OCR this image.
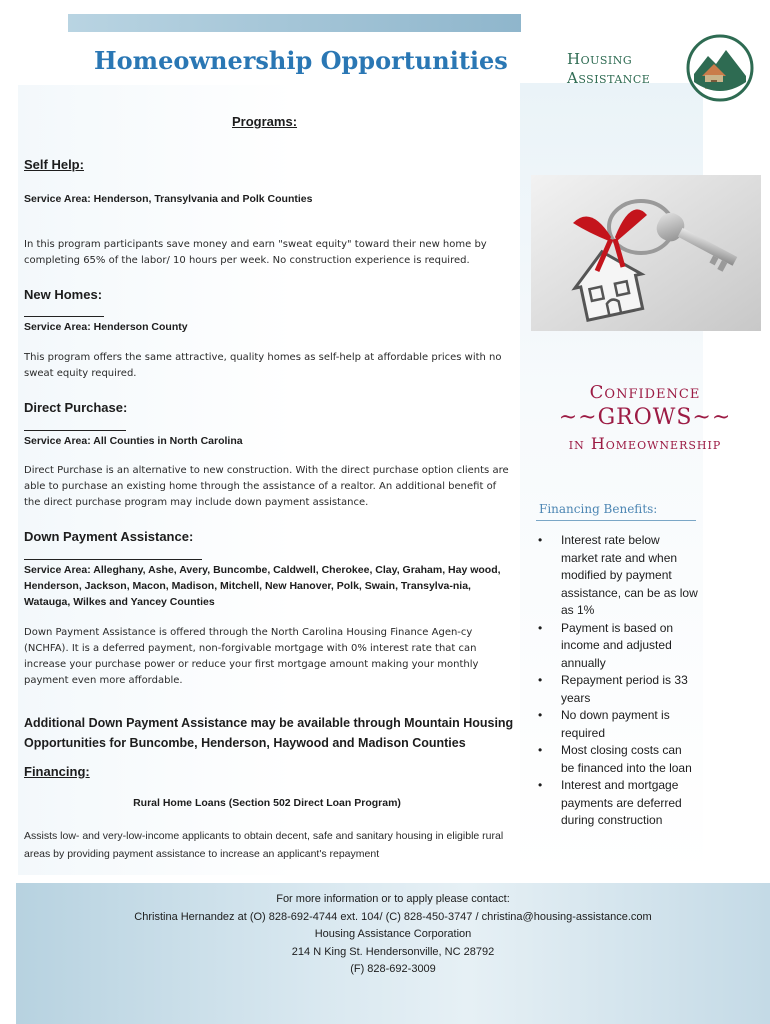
Homeownership Opportunities	Housing
Assistance
Programs:
Self Help:
Service Area: Henderson, Transylvania and Polk Counties
In this program participants save money and earn "sweat equity" toward their new home by completing 65% of the labor/ 10 hours per week. No construction experience is required.
New Homes:
Service Area: Henderson County
This program offers the same attractive, quality homes as self-help at affordable prices with no sweat equity required.
Direct Purchase:
Service Area: All Counties in North Carolina
Direct Purchase is an alternative to new construction. With the direct purchase option clients are able to purchase an existing home through the assistance of a realtor. An additional benefit of the direct purchase program may include down payment assistance.
Down Payment Assistance:
Service Area: Alleghany, Ashe, Avery, Buncombe, Caldwell, Cherokee, Clay, Graham, Hay wood, Henderson, Jackson, Macon, Madison, Mitchell, New Hanover, Polk, Swain, Transylva-nia, Watauga, Wilkes and Yancey Counties
Down Payment Assistance is offered through the North Carolina Housing Finance Agen-cy (NCHFA). It is a deferred payment, non-forgivable mortgage with 0% interest rate that can increase your purchase power or reduce your first mortgage amount making your monthly payment even more affordable.
Additional Down Payment Assistance may be available through Mountain Housing Opportunities for Buncombe, Henderson, Haywood and Madison Counties
Financing:
Rural Home Loans (Section 502 Direct Loan Program)
Assists low- and very-low-income applicants to obtain decent, safe and sanitary housing in eligible rural areas by providing payment assistance to increase an applicant's repayment
Confidence
~~GROWS~~
in Homeownership
Financing Benefits:
• Interest rate below market rate and when modified by payment assistance, can be as low as 1%
• Payment is based on income and adjusted annually
• Repayment period is 33 years
• No down payment is required
• Most closing costs can be financed into the loan
• Interest and mortgage payments are deferred during construction
For more information or to apply please contact:
Christina Hernandez at (O) 828-692-4744 ext. 104/ (C) 828-450-3747 / christina@housing-assistance.com
Housing Assistance Corporation
214 N King St. Hendersonville, NC 28792
(F) 828-692-3009
